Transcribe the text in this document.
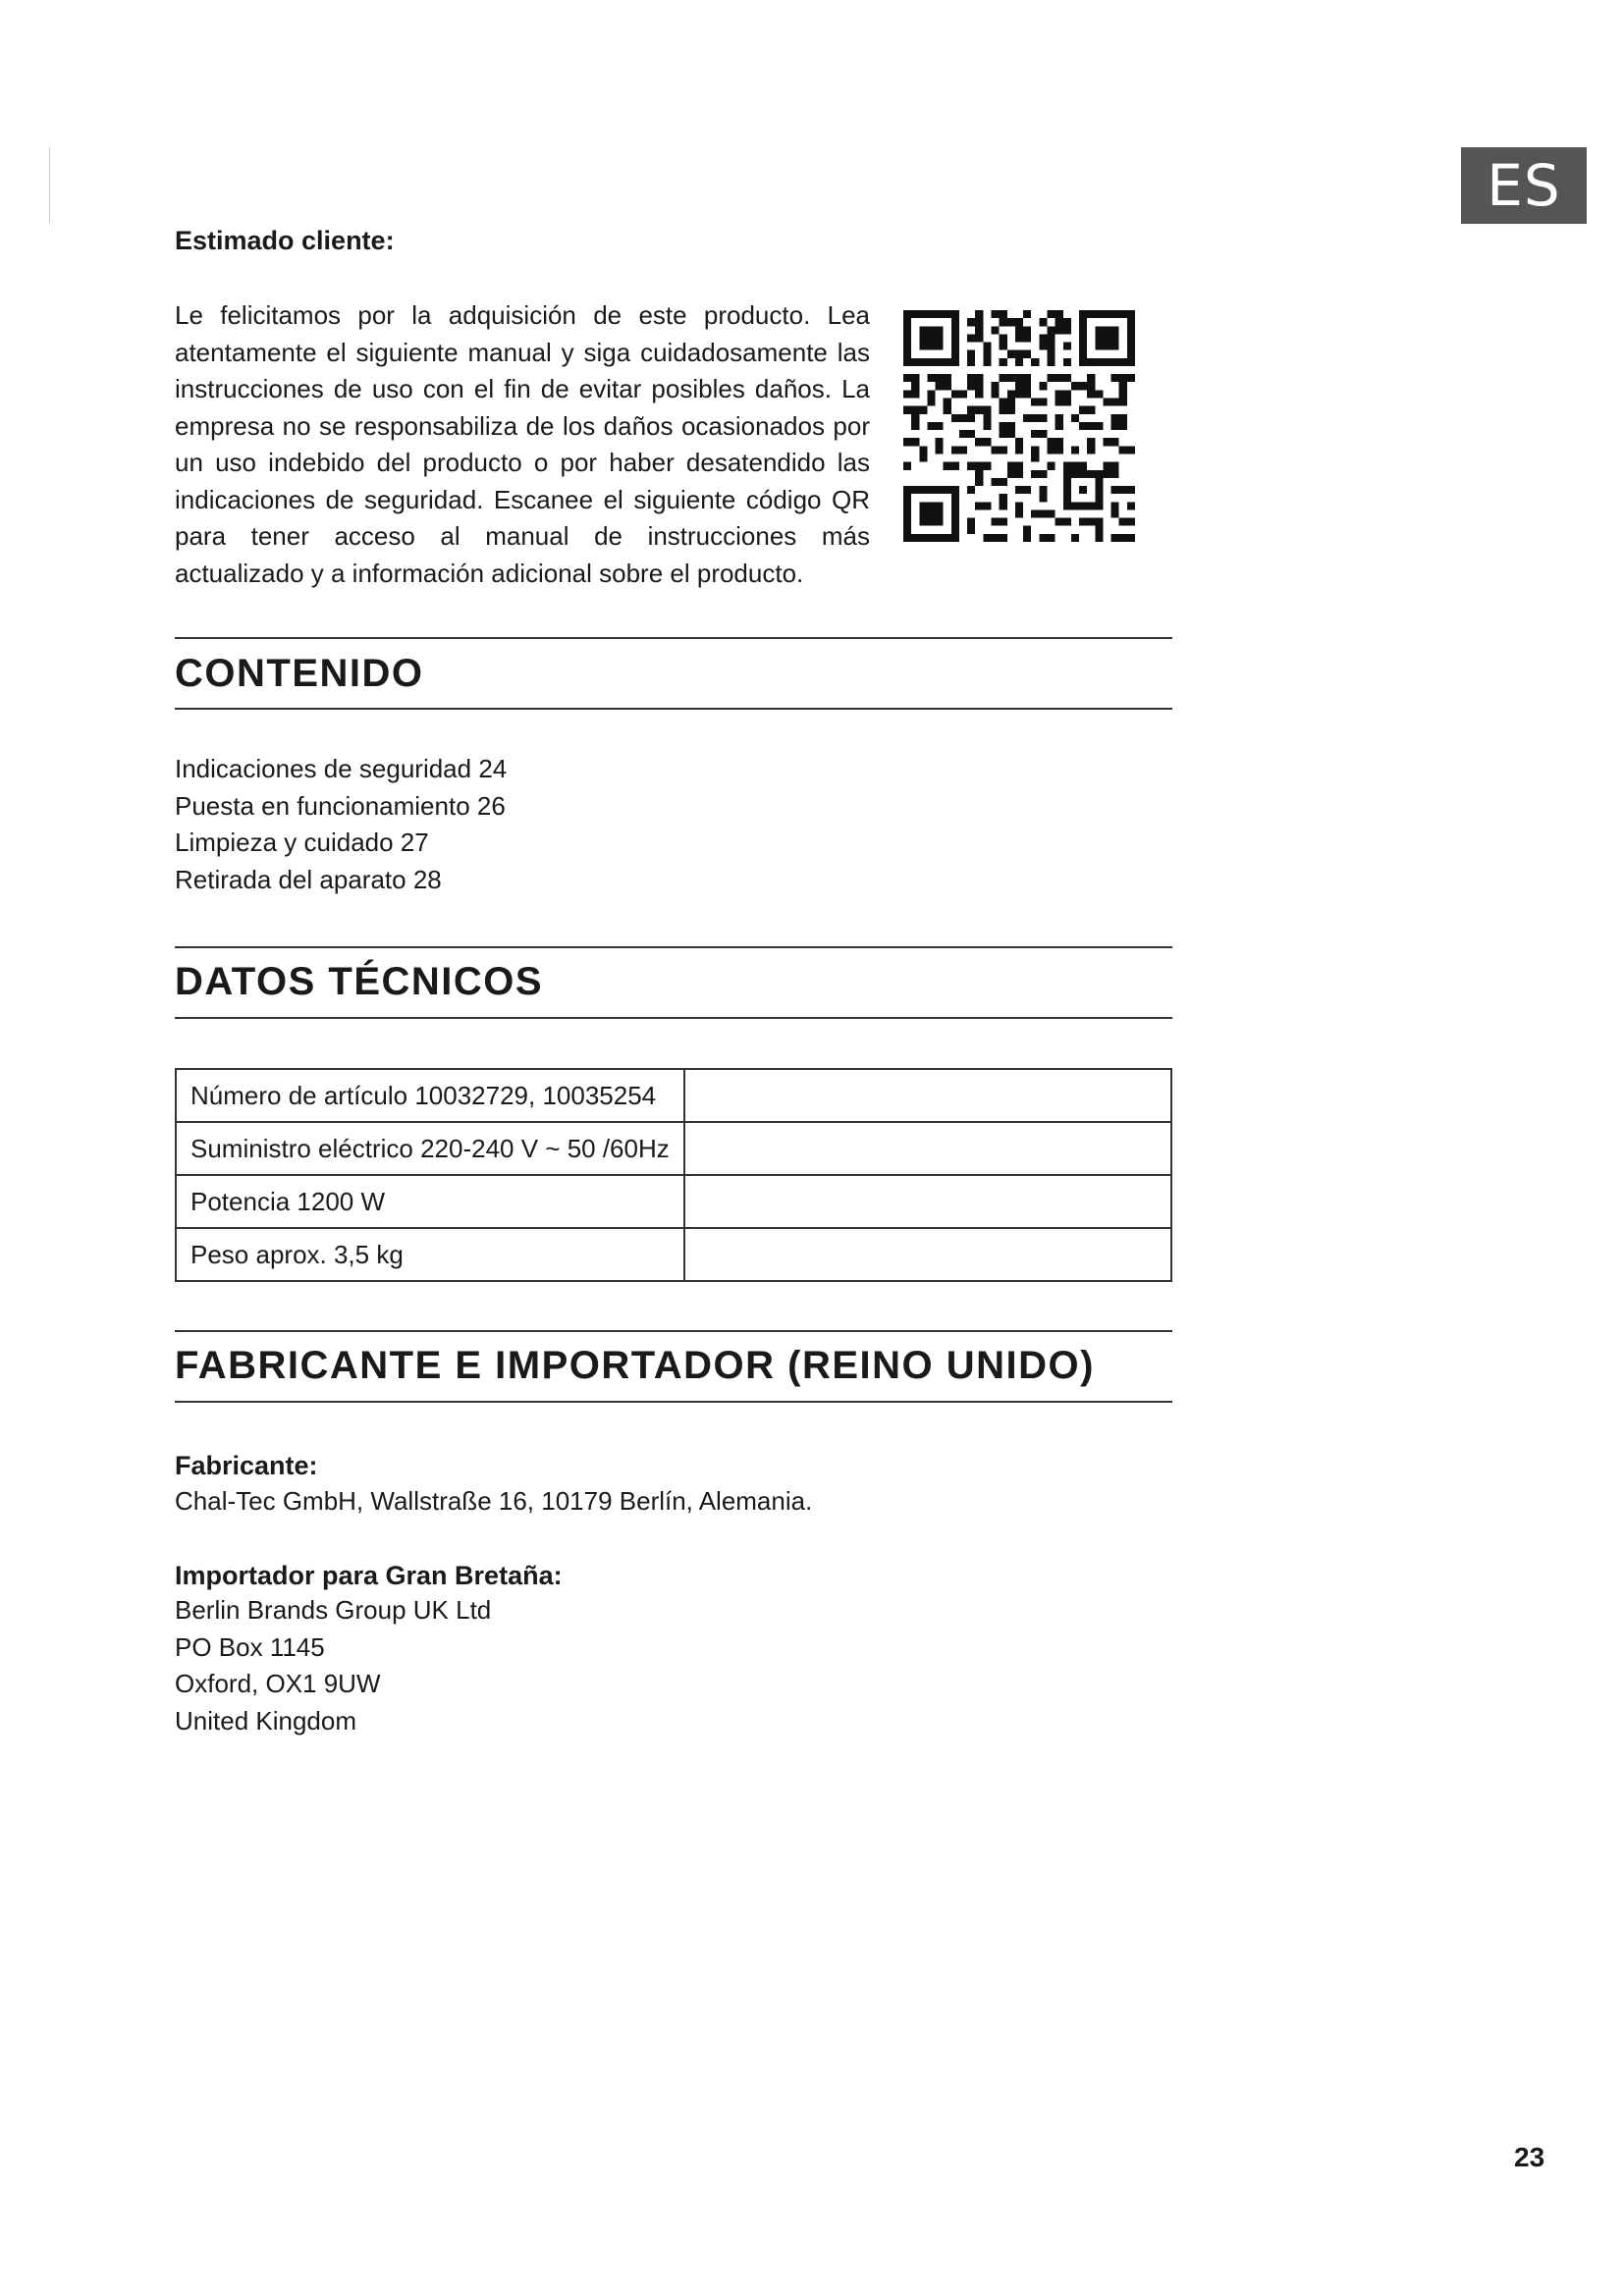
ES
Estimado cliente:
Le felicitamos por la adquisición de este producto. Lea atentamente el siguiente manual y siga cuidadosamente las instrucciones de uso con el fin de evitar posibles daños. La empresa no se responsabiliza de los daños ocasionados por un uso indebido del producto o por haber desatendido las indicaciones de seguridad. Escanee el siguiente código QR para tener acceso al manual de instrucciones más actualizado y a información adicional sobre el producto.
CONTENIDO
Indicaciones de seguridad 24
Puesta en funcionamiento 26
Limpieza y cuidado 27
Retirada del aparato 28
DATOS TÉCNICOS
Número de artículo 10032729, 10035254	
Suministro eléctrico 220-240 V ~ 50 /60Hz	
Potencia 1200 W	
Peso aprox. 3,5 kg	
FABRICANTE E IMPORTADOR (REINO UNIDO)
Fabricante:
Chal-Tec GmbH, Wallstraße 16, 10179 Berlín, Alemania.
Importador para Gran Bretaña:
Berlin Brands Group UK Ltd
PO Box 1145
Oxford, OX1 9UW
United Kingdom
23
